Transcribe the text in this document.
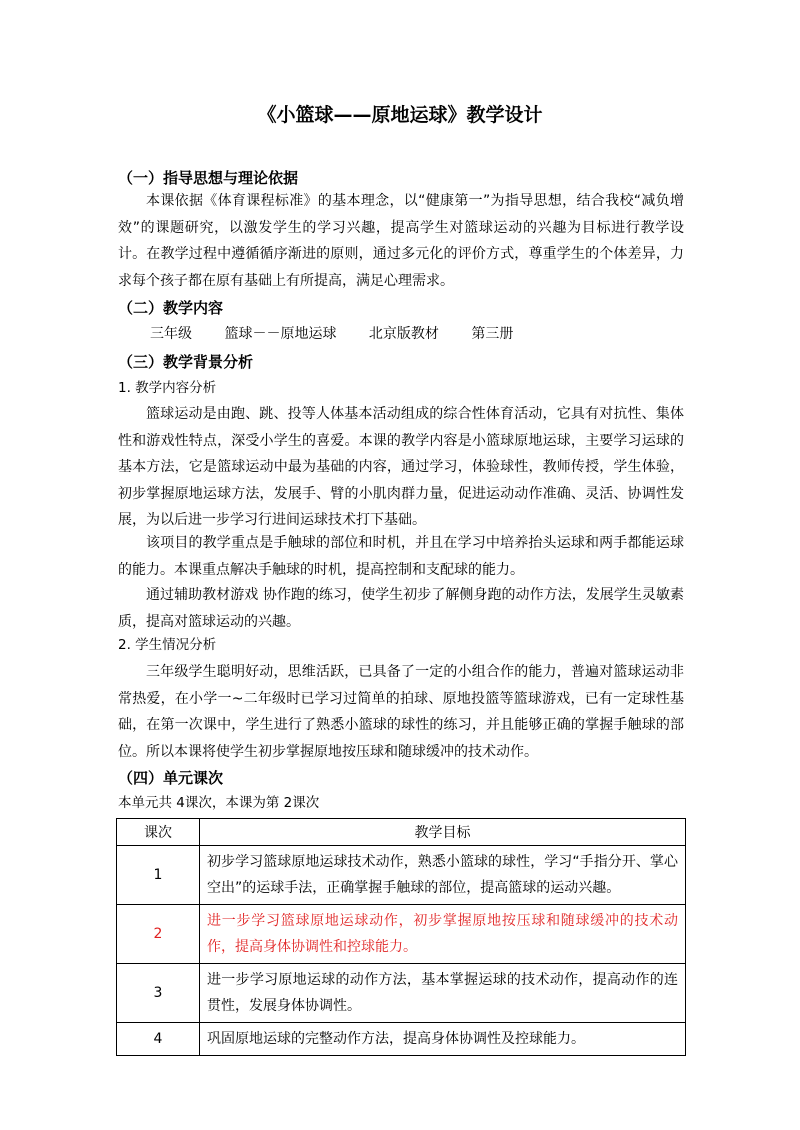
《小篮球——原地运球》教学设计
（一）指导思想与理论依据

本课依据《体育课程标准》的基本理念，以“健康第一”为指导思想，结合我校“减负增效”的课题研究，以激发学生的学习兴趣，提高学生对篮球运动的兴趣为目标进行教学设计。在教学过程中遵循循序渐进的原则，通过多元化的评价方式，尊重学生的个体差异，力求每个孩子都在原有基础上有所提高，满足心理需求。

（二）教学内容
三年级 篮球－－原地运球 北京版教材 第三册
（三）教学背景分析
1. 教学内容分析

篮球运动是由跑、跳、投等人体基本活动组成的综合性体育活动，它具有对抗性、集体性和游戏性特点，深受小学生的喜爱。本课的教学内容是小篮球原地运球，主要学习运球的基本方法，它是篮球运动中最为基础的内容，通过学习，体验球性，教师传授，学生体验，初步掌握原地运球方法，发展手、臂的小肌肉群力量，促进运动动作准确、灵活、协调性发展，为以后进一步学习行进间运球技术打下基础。

该项目的教学重点是手触球的部位和时机，并且在学习中培养抬头运球和两手都能运球的能力。本课重点解决手触球的时机，提高控制和支配球的能力。

通过辅助教材游戏 协作跑的练习，使学生初步了解侧身跑的动作方法，发展学生灵敏素质，提高对篮球运动的兴趣。

2. 学生情况分析

三年级学生聪明好动，思维活跃，已具备了一定的小组合作的能力，普遍对篮球运动非常热爱，在小学一~二年级时已学习过简单的拍球、原地投篮等篮球游戏，已有一定球性基础，在第一次课中，学生进行了熟悉小篮球的球性的练习，并且能够正确的掌握手触球的部位。所以本课将使学生初步掌握原地按压球和随球缓冲的技术动作。

（四）单元课次
本单元共 4课次，本课为第 2课次
课次	教学目标
1	初步学习篮球原地运球技术动作，熟悉小篮球的球性，学习“手指分开、掌心空出”的运球手法，正确掌握手触球的部位，提高篮球的运动兴趣。
2	进一步学习篮球原地运球动作，初步掌握原地按压球和随球缓冲的技术动作，提高身体协调性和控球能力。
3	进一步学习原地运球的动作方法，基本掌握运球的技术动作，提高动作的连贯性，发展身体协调性。
4	巩固原地运球的完整动作方法，提高身体协调性及控球能力。
